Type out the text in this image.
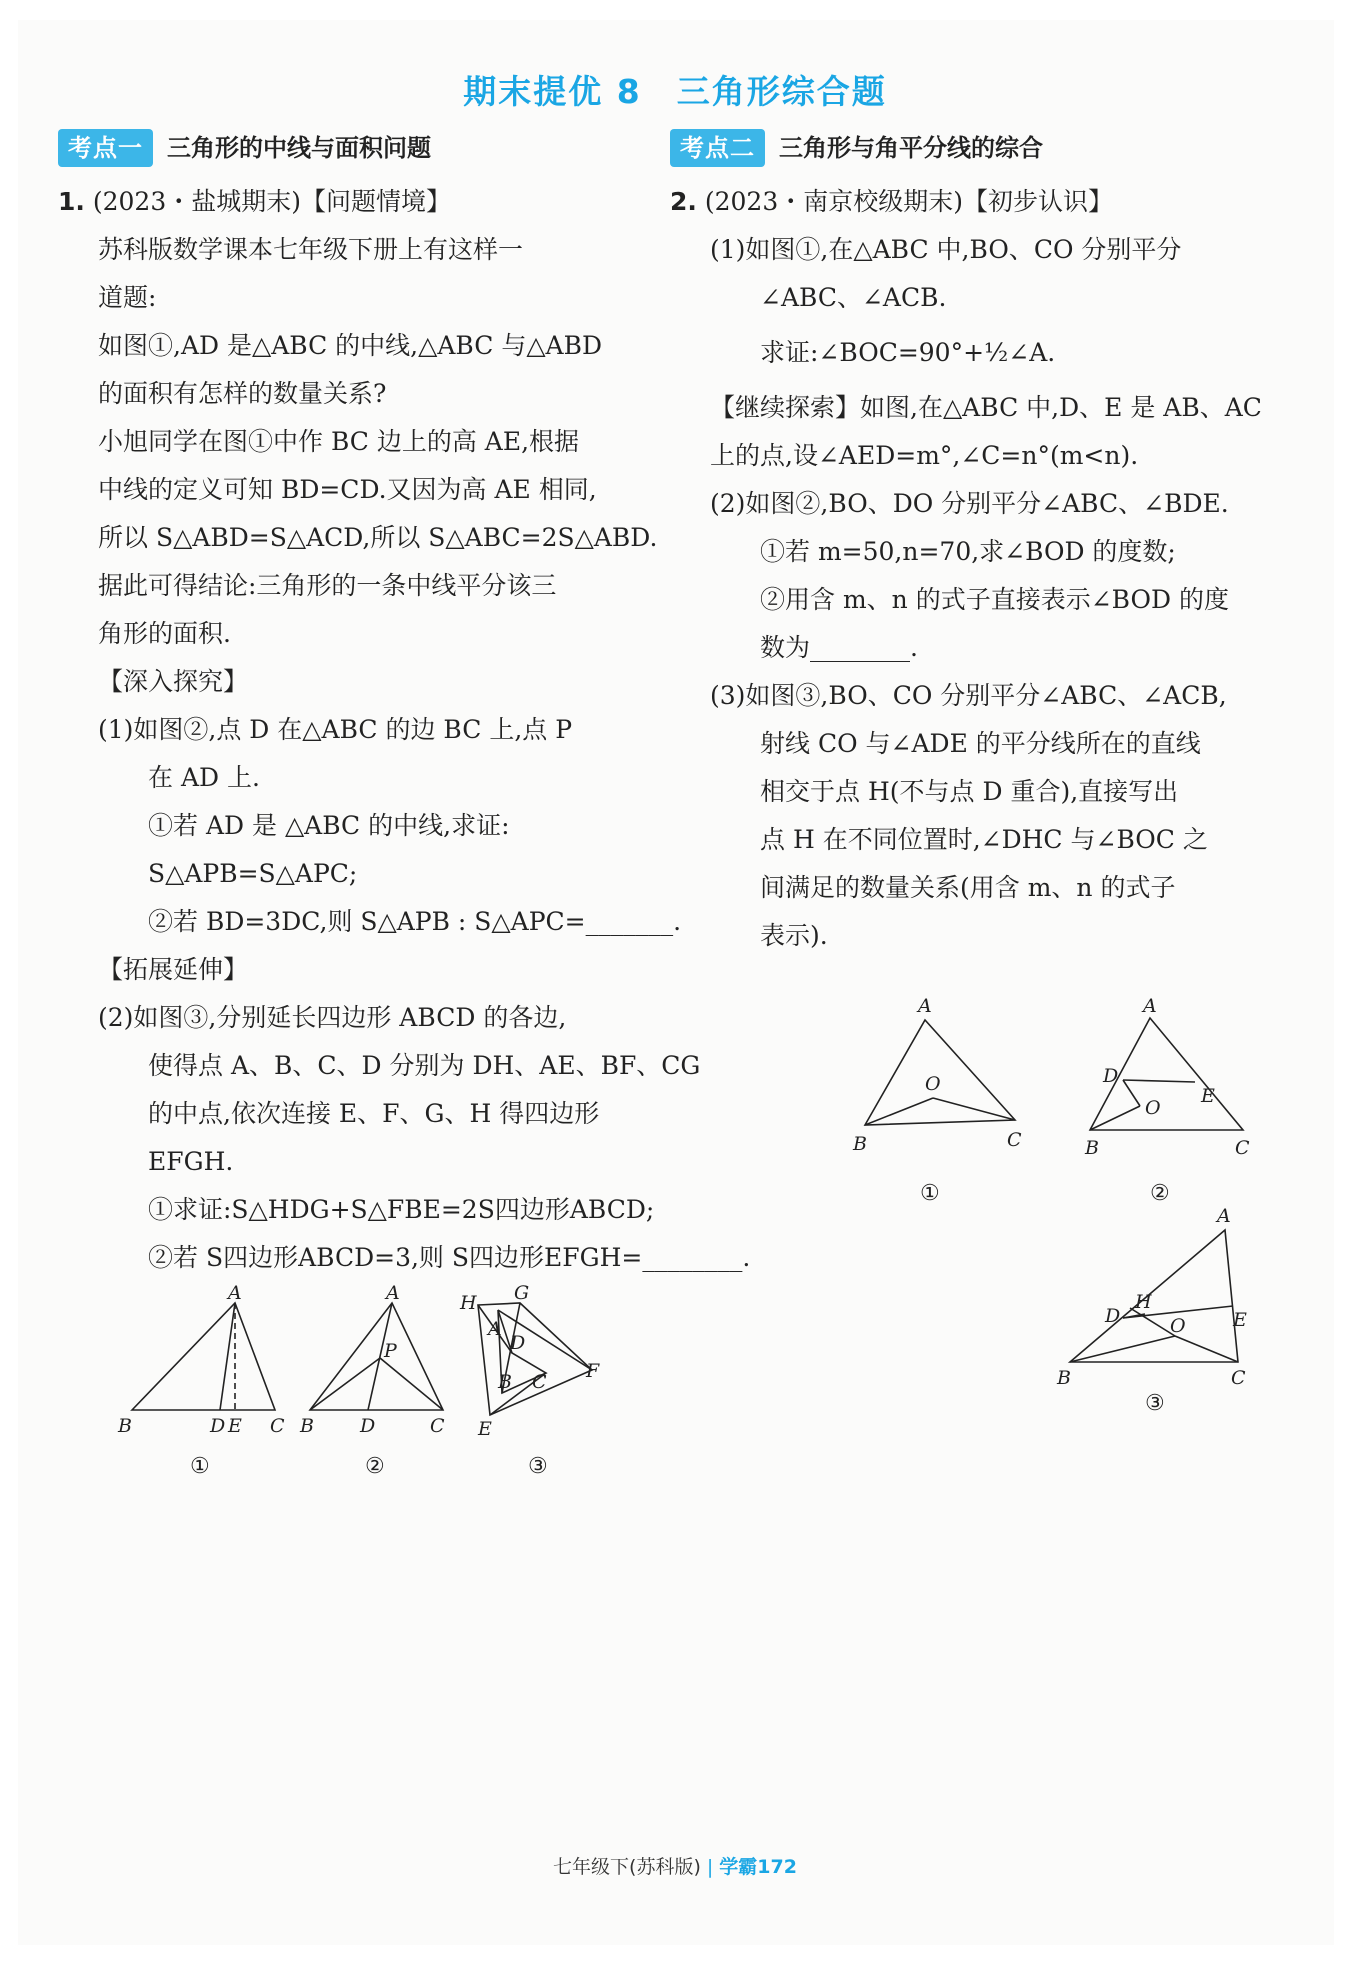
期末提优 8　三角形综合题
考点一	三角形的中线与面积问题
1. (2023・盐城期末)【问题情境】
苏科版数学课本七年级下册上有这样一
道题:
如图①,AD 是△ABC 的中线,△ABC 与△ABD
的面积有怎样的数量关系?
小旭同学在图①中作 BC 边上的高 AE,根据
中线的定义可知 BD=CD.又因为高 AE 相同,
所以 S△ABD=S△ACD,所以 S△ABC=2S△ABD.
据此可得结论:三角形的一条中线平分该三
角形的面积.
【深入探究】
(1)如图②,点 D 在△ABC 的边 BC 上,点 P
在 AD 上.
①若 AD 是 △ABC 的中线,求证:
S△APB=S△APC;
②若 BD=3DC,则 S△APB : S△APC=_______.
【拓展延伸】
(2)如图③,分别延长四边形 ABCD 的各边,
使得点 A、B、C、D 分别为 DH、AE、BF、CG
的中点,依次连接 E、F、G、H 得四边形
EFGH.
①求证:S△HDG+S△FBE=2S四边形ABCD;
②若 S四边形ABCD=3,则 S四边形EFGH=________.
A
B	D E C
①
A
P
B D	C
②
H G
A
D
B C F
E
③
考点二	三角形与角平分线的综合
2. (2023・南京校级期末)【初步认识】
(1)如图①,在△ABC 中,BO、CO 分别平分
∠ABC、∠ACB.
求证:∠BOC=90°+½∠A.
【继续探索】如图,在△ABC 中,D、E 是 AB、AC
上的点,设∠AED=m°,∠C=n°(m<n).
(2)如图②,BO、DO 分别平分∠ABC、∠BDE.
①若 m=50,n=70,求∠BOD 的度数;
②用含 m、n 的式子直接表示∠BOD 的度
数为________.
(3)如图③,BO、CO 分别平分∠ABC、∠ACB,
射线 CO 与∠ADE 的平分线所在的直线
相交于点 H(不与点 D 重合),直接写出
点 H 在不同位置时,∠DHC 与∠BOC 之
间满足的数量关系(用含 m、n 的式子
表示).
A
O
B	C
①
A
D
E
O
B	C
②
A
H
D	E
O
B	C
③
七年级下(苏科版) | 学霸172
